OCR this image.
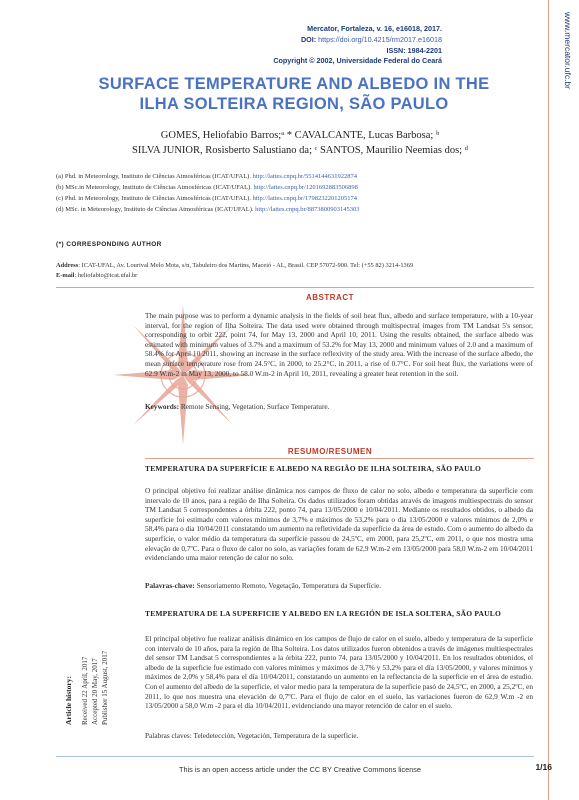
Mercator, Fortaleza, v. 16, e16018, 2017.
DOI: https://doi.org/10.4215/rm2017.e16018
ISSN: 1984-2201
Copyright © 2002, Universidade Federal do Ceará	www.mercator.ufc.br
SURFACE TEMPERATURE AND ALBEDO IN THE ILHA SOLTEIRA REGION, SÃO PAULO
GOMES, Heliofabio Barros;ᵃ * CAVALCANTE, Lucas Barbosa; ᵇ
SILVA JUNIOR, Rosisberto Salustiano da; ᶜ SANTOS, Maurilio Neemias dos; ᵈ
(a) Phd. in Meteorology, Instituto de Ciências Atmosféricas (ICAT/UFAL). http://lattes.cnpq.br/5514144631922874
(b) MSc.in Meteorology, Instituto de Ciências Atmosféricas (ICAT/UFAL). http://lattes.cnpq.br/1201692883506898
(c) Phd. in Meteorology, Instituto de Ciências Atmosféricas (ICAT/UFAL). http://lattes.cnpq.br/1798232201205174
(d) MSc. in Meteorology, Instituto de Ciências Atmosféricas (ICAT/UFAL). http://lattes.cnpq.br/8873800903145303
(*) CORRESPONDING AUTHOR
Address: ICAT-UFAL, Av. Lourival Melo Mota, s/n, Tabuleiro dos Martins, Maceió - AL, Brasil. CEP 57072-900. Tel: (+55 82) 3214-1369
E-mail: heliofabio@icat.ufal.br
ABSTRACT
The main purpose was to perform a dynamic analysis in the fields of soil heat flux, albedo and surface temperature, with a 10-year interval, for the region of Ilha Solteira. The data used were obtained through multispectral images from TM Landsat 5's sensor, corresponding to orbit 222, point 74, for May 13, 2000 and April 10, 2011. Using the results obtained, the surface albedo was estimated with minimum values of 3.7% and a maximum of 53.2% for May 13, 2000 and minimum values of 2.0 and a maximum of 58.4% for April 10 2011, showing an increase in the surface reflexivity of the study area. With the increase of the surface albedo, the mean surface temperature rose from 24.5°C, in 2000, to 25.2°C, in 2011, a rise of 0.7°C. For soil heat flux, the variations were of 62.9 W.m-2 in May 13, 2000, to 58.0 W.m-2 in April 10, 2011, revealing a greater heat retention in the soil.
Keywords: Remote Sensing, Vegetation, Surface Temperature.
RESUMO/RESUMEN
TEMPERATURA DA SUPERFÍCIE E ALBEDO NA REGIÃO DE ILHA SOLTEIRA, SÃO PAULO
O principal objetivo foi realizar análise dinâmica nos campos de fluxo de calor no solo, albedo e temperatura da superfície com intervalo de 10 anos, para a região de Ilha Solteira. Os dados utilizados foram obtidas através de imagens multiespectrais do sensor TM Landsat 5 correspondentes a órbita 222, ponto 74, para 13/05/2000 e 10/04/2011. Mediante os resultados obtidos, o albedo da superfície foi estimado com valores mínimos de 3,7% e máximos de 53,2% para o dia 13/05/2000 e valores mínimos de 2,0% e 58,4% para o dia 10/04/2011 constatando um aumento na refletividade da superfície da área de estudo. Com o aumento do albedo da superfície, o valor médio da temperatura da superfície passou de 24,5ºC, em 2000, para 25,2ºC, em 2011, o que nos mostra uma elevação de 0,7ºC. Para o fluxo de calor no solo, as variações foram de 62,9 W.m-2 em 13/05/2000 para 58,0 W.m-2 em 10/04/2011 evidenciando uma maior retenção de calor no solo.
Palavras-chave: Sensoriamento Remoto, Vegetação, Temperatura da Superfície.
TEMPERATURA DE LA SUPERFICIE Y ALBEDO EN LA REGIÓN DE ISLA SOLTERA, SÃO PAULO
El principal objetivo fue realizar análisis dinámico en los campos de flujo de calor en el suelo, albedo y temperatura de la superficie con intervalo de 10 años, para la región de Ilha Solteira. Los datos utilizados fueron obtenidos a través de imágenes multiespectrales del sensor TM Landsat 5 correspondientes a la órbita 222, punto 74, para 13/05/2000 y 10/04/2011. En los resultados obtenidos, el albedo de la superficie fue estimado con valores mínimos y máximos de 3,7% y 53,2% para el día 13/05/2000, y valores mínimos y máximos de 2,0% y 58,4% para el día 10/04/2011, constatando un aumento en la reflectancia de la superficie en el área de estudio. Con el aumento del albedo de la superficie, el valor medio para la temperatura de la superficie pasó de 24,5ºC, en 2000, a 25,2ºC, en 2011, lo que nos muestra una elevación de 0,7ºC. Para el flujo de calor en el suelo, las variaciones fueron de 62,9 W.m -2 en 13/05/2000 a 58,0 W.m -2 para el día 10/04/2011, evidenciando una mayor retención de calor en el suelo.
Palabras claves: Teledetección, Vegetación, Temperatura de la superficie.
Article history: Received 22 April, 2017 Accepted 20 May, 2017 Publisher 15 August, 2017
This is an open access article under the CC BY Creative Commons license	1/16
